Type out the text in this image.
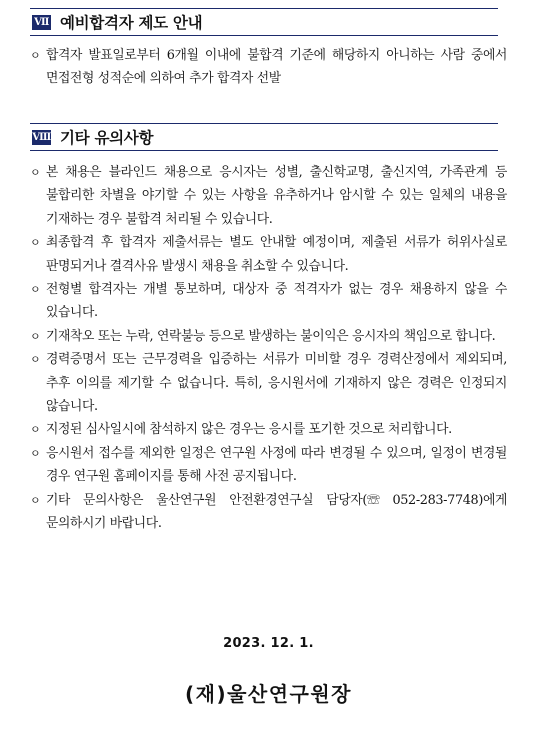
Ⅶ 예비합격자 제도 안내
ㅇ 합격자 발표일로부터 6개월 이내에 불합격 기준에 해당하지 아니하는 사람 중에서 면접전형 성적순에 의하여 추가 합격자 선발
Ⅷ 기타 유의사항
ㅇ 본 채용은 블라인드 채용으로 응시자는 성별, 출신학교명, 출신지역, 가족관계 등 불합리한 차별을 야기할 수 있는 사항을 유추하거나 암시할 수 있는 일체의 내용을 기재하는 경우 불합격 처리될 수 있습니다.
ㅇ 최종합격 후 합격자 제출서류는 별도 안내할 예정이며, 제출된 서류가 허위사실로 판명되거나 결격사유 발생시 채용을 취소할 수 있습니다.
ㅇ 전형별 합격자는 개별 통보하며, 대상자 중 적격자가 없는 경우 채용하지 않을 수 있습니다.
ㅇ 기재착오 또는 누락, 연락불능 등으로 발생하는 불이익은 응시자의 책임으로 합니다.
ㅇ 경력증명서 또는 근무경력을 입증하는 서류가 미비할 경우 경력산정에서 제외되며, 추후 이의를 제기할 수 없습니다. 특히, 응시원서에 기재하지 않은 경력은 인정되지 않습니다.
ㅇ 지정된 심사일시에 참석하지 않은 경우는 응시를 포기한 것으로 처리합니다.
ㅇ 응시원서 접수를 제외한 일정은 연구원 사정에 따라 변경될 수 있으며, 일정이 변경될 경우 연구원 홈페이지를 통해 사전 공지됩니다.
ㅇ 기타 문의사항은 울산연구원 안전환경연구실 담당자(☏ 052-283-7748)에게 문의하시기 바랍니다.
2023. 12. 1.
(재)울산연구원장
